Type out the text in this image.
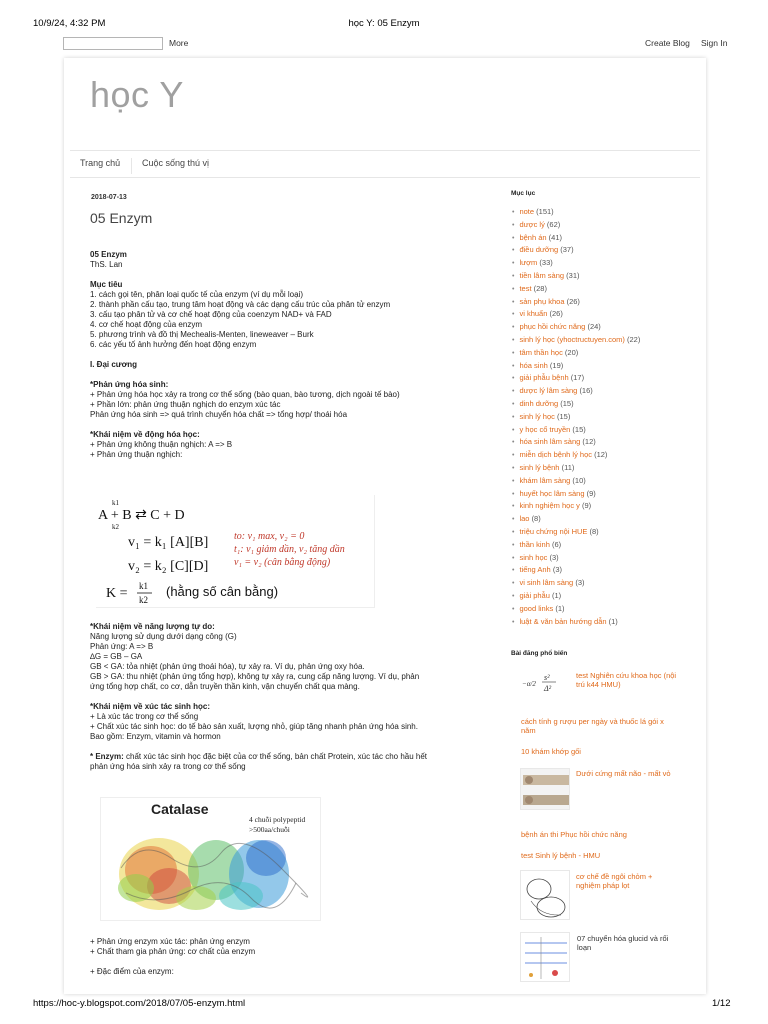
10/9/24, 4:32 PM	học Y: 05 Enzym
More	Create Blog Sign In
học Y
Trang chủ	Cuộc sống thú vị
2018-07-13
05 Enzym
05 Enzym
ThS. Lan
Mục tiêu
1. cách gọi tên, phân loại quốc tế của enzym (ví dụ mỗi loại)
2. thành phần cấu tạo, trung tâm hoạt động và các dạng cấu trúc của phân tử enzym
3. cấu tạo phân tử và cơ chế hoạt động của coenzym NAD+ và FAD
4. cơ chế hoạt động của enzym
5. phương trình và đồ thị Mechealis-Menten, lineweaver – Burk
6. các yếu tố ảnh hưởng đến hoạt động enzym
I. Đại cương
*Phản ứng hóa sinh:
+ Phản ứng hóa học xảy ra trong cơ thể sống (bào quan, bào tương, dịch ngoài tế bào)
+ Phần lớn: phản ứng thuận nghịch do enzym xúc tác
Phản ứng hóa sinh => quá trình chuyển hóa chất => tổng hợp/ thoái hóa
*Khái niệm về động hóa học:
+ Phản ứng không thuận nghịch: A => B
+ Phản ứng thuận nghịch:
k1
A + B ⇄ C + D
k2
v₁ = k₁ [A][B]
v₂ = k₂ [C][D]
K = k1
k2
(hằng số cân bằng)
to: v₁ max, v₂ = 0
t₁: v₁ giảm dần, v₂ tăng dần
v₁ = v₂ (cân bằng động)
*Khái niệm về năng lượng tự do:
Năng lượng sử dụng dưới dạng công (G)
Phản ứng: A => B
∆G = GB – GA
GB < GA: tỏa nhiệt (phản ứng thoái hóa), tự xảy ra. Ví dụ, phản ứng oxy hóa.
GB > GA: thu nhiệt (phản ứng tổng hợp), không tự xảy ra, cung cấp năng lượng. Ví dụ, phản
ứng tổng hợp chất, co cơ, dẫn truyền thần kinh, vận chuyển chất qua màng.
*Khái niệm về xúc tác sinh học:
+ Là xúc tác trong cơ thể sống
+ Chất xúc tác sinh học: do tế bào sản xuất, lượng nhỏ, giúp tăng nhanh phản ứng hóa sinh.
Bao gồm: Enzym, vitamin và hormon
* Enzym: chất xúc tác sinh học đặc biệt của cơ thể sống, bản chất Protein, xúc tác cho hầu hết
phản ứng hóa sinh xảy ra trong cơ thể sống
Catalase
4 chuỗi polypeptid
>500aa/chuỗi
+ Phản ứng enzym xúc tác: phản ứng enzym
+ Chất tham gia phản ứng: cơ chất của enzym
+ Đặc điểm của enzym:
Mục lục
• note (151)
• dược lý (62)
• bệnh án (41)
• điều dưỡng (37)
• lượm (33)
• tiền lâm sàng (31)
• test (28)
• sản phụ khoa (26)
• vi khuẩn (26)
• phục hồi chức năng (24)
• sinh lý học (yhoctructuyen.com) (22)
• tâm thần học (20)
• hóa sinh (19)
• giải phẫu bệnh (17)
• dược lý lâm sàng (16)
• dinh dưỡng (15)
• sinh lý học (15)
• y học cổ truyền (15)
• hóa sinh lâm sàng (12)
• miễn dịch bệnh lý học (12)
• sinh lý bệnh (11)
• khám lâm sàng (10)
• huyết học lâm sàng (9)
• kinh nghiệm học y (9)
• lao (8)
• triệu chứng nội HUE (8)
• thần kinh (6)
• sinh học (3)
• tiếng Anh (3)
• vi sinh lâm sàng (3)
• giải phẫu (1)
• good links (1)
• luật & văn bản hướng dẫn (1)
Bài đăng phổ biến
−α/2
s²
Δ²
test Nghiên cứu khoa học (nội
trú k44 HMU)
cách tính g rượu per ngày và thuốc lá gói x
năm
10 khám khớp gối
Dưới cứng mất não - mất vỏ
bệnh án thi Phục hồi chức năng
test Sinh lý bệnh - HMU
cơ chế đề ngôi chỏm +
nghiệm pháp lọt
07 chuyển hóa glucid và rối
loạn
https://hoc-y.blogspot.com/2018/07/05-enzym.html	1/12
